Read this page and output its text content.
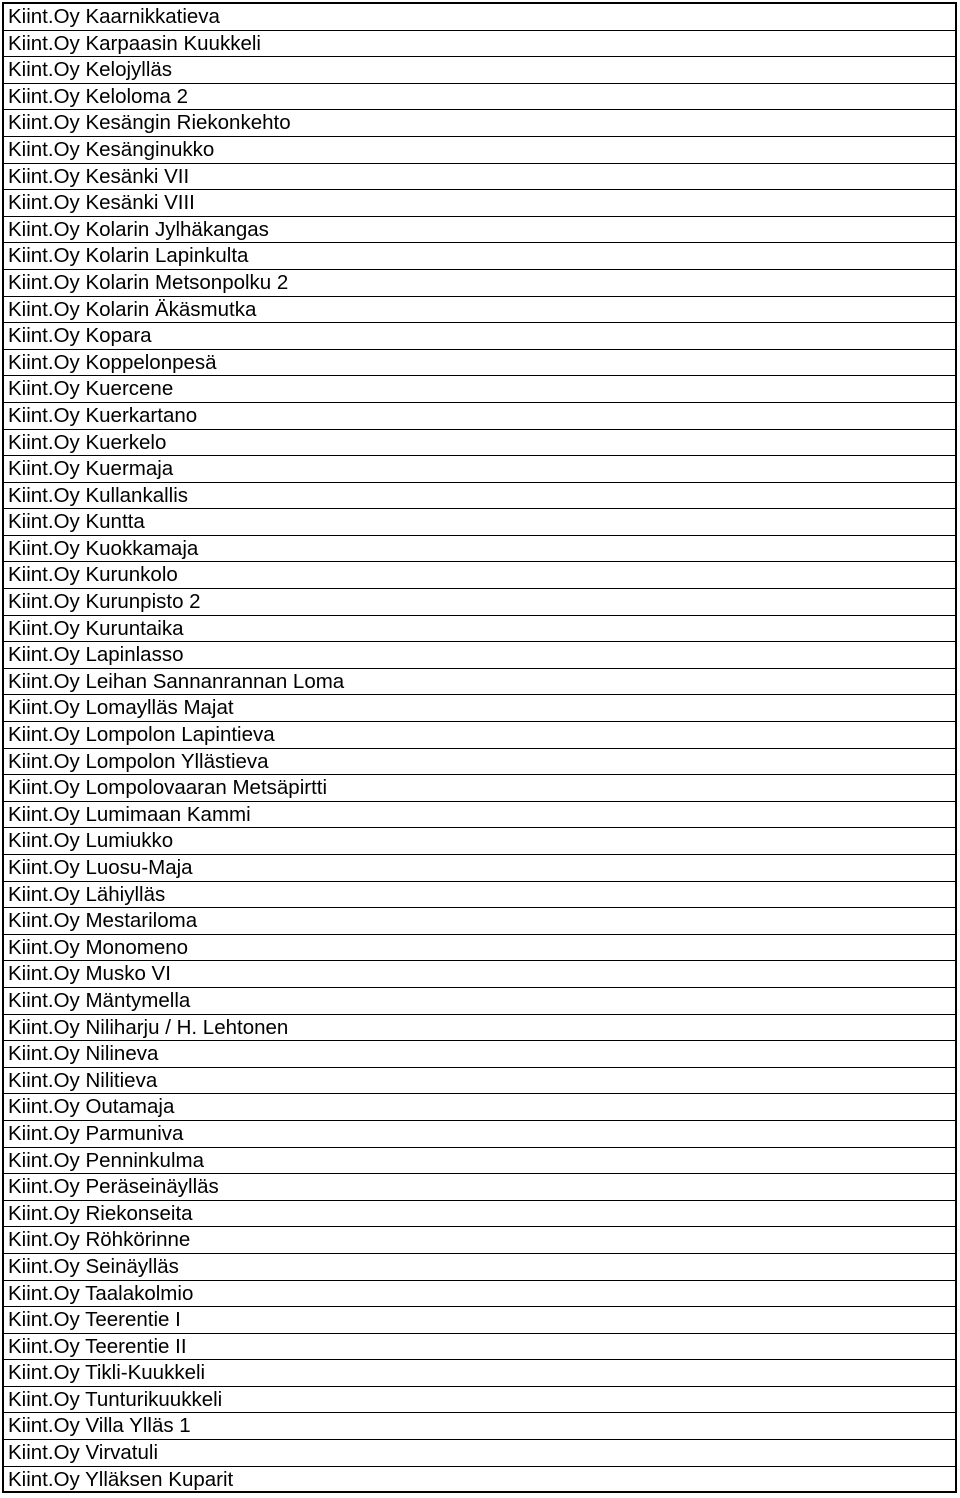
Kiint.Oy Kaarnikkatieva
Kiint.Oy Karpaasin Kuukkeli
Kiint.Oy Kelojylläs
Kiint.Oy Keloloma 2
Kiint.Oy Kesängin Riekonkehto
Kiint.Oy Kesänginukko
Kiint.Oy Kesänki VII
Kiint.Oy Kesänki VIII
Kiint.Oy Kolarin Jylhäkangas
Kiint.Oy Kolarin Lapinkulta
Kiint.Oy Kolarin Metsonpolku 2
Kiint.Oy Kolarin Äkäsmutka
Kiint.Oy Kopara
Kiint.Oy Koppelonpesä
Kiint.Oy Kuercene
Kiint.Oy Kuerkartano
Kiint.Oy Kuerkelo
Kiint.Oy Kuermaja
Kiint.Oy Kullankallis
Kiint.Oy Kuntta
Kiint.Oy Kuokkamaja
Kiint.Oy Kurunkolo
Kiint.Oy Kurunpisto 2
Kiint.Oy Kuruntaika
Kiint.Oy Lapinlasso
Kiint.Oy Leihan Sannanrannan Loma
Kiint.Oy Lomaylläs Majat
Kiint.Oy Lompolon Lapintieva
Kiint.Oy Lompolon Yllästieva
Kiint.Oy Lompolovaaran Metsäpirtti
Kiint.Oy Lumimaan Kammi
Kiint.Oy Lumiukko
Kiint.Oy Luosu-Maja
Kiint.Oy Lähiylläs
Kiint.Oy Mestariloma
Kiint.Oy Monomeno
Kiint.Oy Musko VI
Kiint.Oy Mäntymella
Kiint.Oy Niliharju / H. Lehtonen
Kiint.Oy Nilineva
Kiint.Oy Nilitieva
Kiint.Oy Outamaja
Kiint.Oy Parmuniva
Kiint.Oy Penninkulma
Kiint.Oy Peräseinäylläs
Kiint.Oy Riekonseita
Kiint.Oy Röhkörinne
Kiint.Oy Seinäylläs
Kiint.Oy Taalakolmio
Kiint.Oy Teerentie I
Kiint.Oy Teerentie II
Kiint.Oy Tikli-Kuukkeli
Kiint.Oy Tunturikuukkeli
Kiint.Oy Villa Ylläs 1
Kiint.Oy Virvatuli
Kiint.Oy Ylläksen Kuparit
